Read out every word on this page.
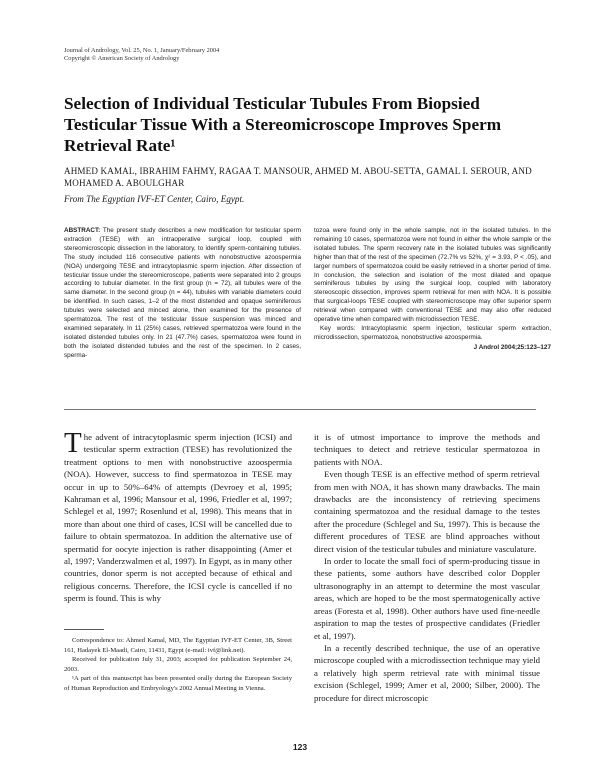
Journal of Andrology, Vol. 25, No. 1, January/February 2004
Copyright © American Society of Andrology
Selection of Individual Testicular Tubules From Biopsied Testicular Tissue With a Stereomicroscope Improves Sperm Retrieval Rate¹
AHMED KAMAL, IBRAHIM FAHMY, RAGAA T. MANSOUR, AHMED M. ABOU-SETTA, GAMAL I. SEROUR, AND MOHAMED A. ABOULGHAR
From The Egyptian IVF-ET Center, Cairo, Egypt.

ABSTRACT: The present study describes a new modification for testicular sperm extraction (TESE) with an intraoperative surgical loop, coupled with stereomicroscopic dissection in the laboratory, to identify sperm-containing tubules. The study included 116 consecutive patients with nonobstructive azoospermia (NOA) undergoing TESE and intracytoplasmic sperm injection. After dissection of testicular tissue under the stereomicroscope, patients were separated into 2 groups according to tubular diameter. In the first group (n = 72), all tubules were of the same diameter. In the second group (n = 44), tubules with variable diameters could be identified. In such cases, 1–2 of the most distended and opaque seminiferous tubules were selected and minced alone, then examined for the presence of spermatozoa. The rest of the testicular tissue suspension was minced and examined separately. In 11 (25%) cases, retrieved spermatozoa were found in the isolated distended tubules only. In 21 (47.7%) cases, spermatozoa were found in both the isolated distended tubules and the rest of the specimen. In 2 cases, sperma-

tozoa were found only in the whole sample, not in the isolated tubules. In the remaining 10 cases, spermatozoa were not found in either the whole sample or the isolated tubules. The sperm recovery rate in the isolated tubules was significantly higher than that of the rest of the specimen (72.7% vs 52%, χ² = 3.93, P < .05), and larger numbers of spermatozoa could be easily retrieved in a shorter period of time. In conclusion, the selection and isolation of the most dilated and opaque seminiferous tubules by using the surgical loop, coupled with laboratory stereoscopic dissection, improves sperm retrieval for men with NOA. It is possible that surgical-loops TESE coupled with stereomicroscope may offer superior sperm retrieval when compared with conventional TESE and may also offer reduced operative time when compared with microdissection TESE.

Key words: Intracytoplasmic sperm injection, testicular sperm extraction, microdissection, spermatozoa, nonobstructive azoospermia.

J Androl 2004;25:123–127

The advent of intracytoplasmic sperm injection (ICSI) and testicular sperm extraction (TESE) has revolutionized the treatment options to men with nonobstructive azoospermia (NOA). However, success to find spermatozoa in TESE may occur in up to 50%–64% of attempts (Devroey et al, 1995; Kahraman et al, 1996; Mansour et al, 1996, Friedler et al, 1997; Schlegel et al, 1997; Rosenlund et al, 1998). This means that in more than about one third of cases, ICSI will be cancelled due to failure to obtain spermatozoa. In addition the alternative use of spermatid for oocyte injection is rather disappointing (Amer et al, 1997; Vanderzwalmen et al, 1997). In Egypt, as in many other countries, donor sperm is not accepted because of ethical and religious concerns. Therefore, the ICSI cycle is cancelled if no sperm is found. This is why

it is of utmost importance to improve the methods and techniques to detect and retrieve testicular spermatozoa in patients with NOA.

Even though TESE is an effective method of sperm retrieval from men with NOA, it has shown many drawbacks. The main drawbacks are the inconsistency of retrieving specimens containing spermatozoa and the residual damage to the testes after the procedure (Schlegel and Su, 1997). This is because the different procedures of TESE are blind approaches without direct vision of the testicular tubules and miniature vasculature.

In order to locate the small foci of sperm-producing tissue in these patients, some authors have described color Doppler ultrasonography in an attempt to determine the most vascular areas, which are hoped to be the most spermatogenically active areas (Foresta et al, 1998). Other authors have used fine-needle aspiration to map the testes of prospective candidates (Friedler et al, 1997).

In a recently described technique, the use of an operative microscope coupled with a microdissection technique may yield a relatively high sperm retrieval rate with minimal tissue excision (Schlegel, 1999; Amer et al, 2000; Silber, 2000). The procedure for direct microscopic

Correspondence to: Ahmed Kamal, MD, The Egyptian IVF-ET Center, 3B, Street 161, Hadayek El-Maadi, Cairo, 11431, Egypt (e-mail: ivf@link.net).

Received for publication July 31, 2003; accepted for publication September 24, 2003.

¹A part of this manuscript has been presented orally during the European Society of Human Reproduction and Embryology's 2002 Annual Meeting in Vienna.

123
